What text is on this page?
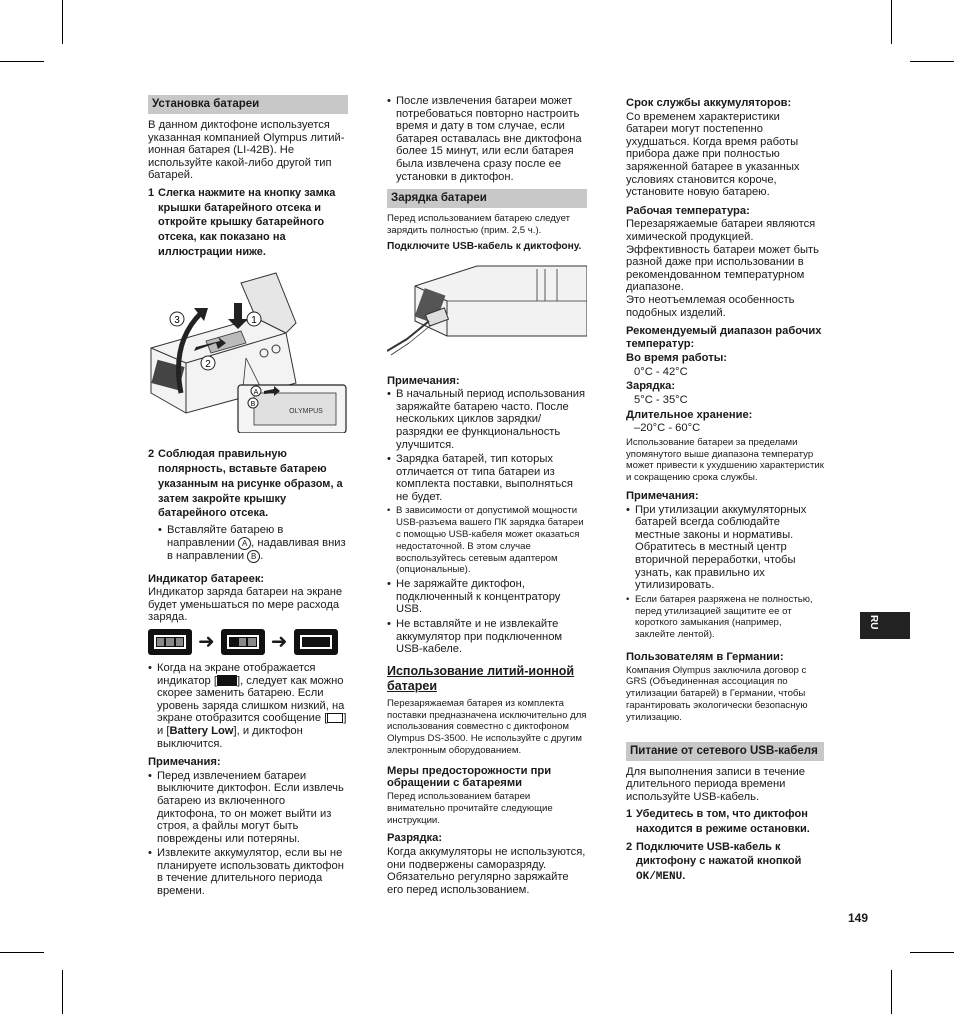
Установка батареи

В данном диктофоне используется указанная компанией Olympus литий-ионная батарея (LI-42B). Не используйте какой-либо другой тип батарей.

1 Слегка нажмите на кнопку замка крышки батарейного отсека и откройте крышку батарейного отсека, как показано на иллюстрации ниже.
3	1
2
OLYMPUS
A
B
2 Соблюдая правильную полярность, вставьте батарею указанным на рисунке образом, а затем закройте крышку батарейного отсека.
• Вставляйте батарею в направлении A , надавливая вниз в направлении B .
Индикатор батареек:

Индикатор заряда батареи на экране будет уменьшаться по мере расхода заряда.

➜	➜
• Когда на экране отображается индикатор [ ], следует как можно скорее заменить батарею. Если уровень заряда слишком низкий, на экране отобразится сообщение [ ] и [Battery Low], и диктофон выключится.
Примечания:
• Перед извлечением батареи выключите диктофон. Если извлечь батарею из включенного диктофона, то он может выйти из строя, а файлы могут быть повреждены или потеряны.
• Извлеките аккумулятор, если вы не планируете использовать диктофон в течение длительного периода времени.
• После извлечения батареи может потребоваться повторно настроить время и дату в том случае, если батарея оставалась вне диктофона более 15 минут, или если батарея была извлечена сразу после ее установки в диктофон.
Зарядка батареи

Перед использованием батарею следует зарядить полностью (прим. 2,5 ч.).

Подключите USB-кабель к диктофону.

Примечания:
• В начальный период использования заряжайте батарею часто. После нескольких циклов зарядки/разрядки ее функциональность улучшится.
• Зарядка батарей, тип которых отличается от типа батареи из комплекта поставки, выполняться не будет.
• В зависимости от допустимой мощности USB-разъема вашего ПК зарядка батареи с помощью USB-кабеля может оказаться недостаточной. В этом случае воспользуйтесь сетевым адаптером (опциональные).
• Не заряжайте диктофон, подключенный к концентратору USB.
• Не вставляйте и не извлекайте аккумулятор при подключенном USB-кабеле.
Использование литий-ионной батареи

Перезаряжаемая батарея из комплекта поставки предназначена исключительно для использования совместно с диктофоном Olympus DS-3500. Не используйте с другим электронным оборудованием.

Меры предосторожности при обращении с батареями

Перед использованием батареи внимательно прочитайте следующие инструкции.

Разрядка:

Когда аккумуляторы не используются, они подвержены саморазряду. Обязательно регулярно заряжайте его перед использованием.

Срок службы аккумуляторов:

Со временем характеристики батареи могут постепенно ухудшаться. Когда время работы прибора даже при полностью заряженной батарее в указанных условиях становится короче, установите новую батарею.

Рабочая температура:

Перезаряжаемые батареи являются химической продукцией. Эффективность батареи может быть разной даже при использовании в рекомендованном температурном диапазоне.

Это неотъемлемая особенность подобных изделий.

Рекомендуемый диапазон рабочих температур:
Во время работы:
0°C - 42°C
Зарядка:
5°C - 35°C
Длительное хранение:
–20°C - 60°C

Использование батареи за пределами упомянутого выше диапазона температур может привести к ухудшению характеристик и сокращению срока службы.

Примечания:
• При утилизации аккумуляторных батарей всегда соблюдайте местные законы и нормативы. Обратитесь в местный центр вторичной переработки, чтобы узнать, как правильно их утилизировать.
• Если батарея разряжена не полностью, перед утилизацией защитите ее от короткого замыкания (например, заклейте лентой).
Пользователям в Германии:

Компания Olympus заключила договор с GRS (Объединенная ассоциация по утилизации батарей) в Германии, чтобы гарантировать экологически безопасную утилизацию.

Питание от сетевого USB-кабеля

Для выполнения записи в течение длительного периода времени используйте USB-кабель.

1 Убедитесь в том, что диктофон находится в режиме остановки.
2 Подключите USB-кабель к диктофону с нажатой кнопкой OK/MENU.
RU
149
